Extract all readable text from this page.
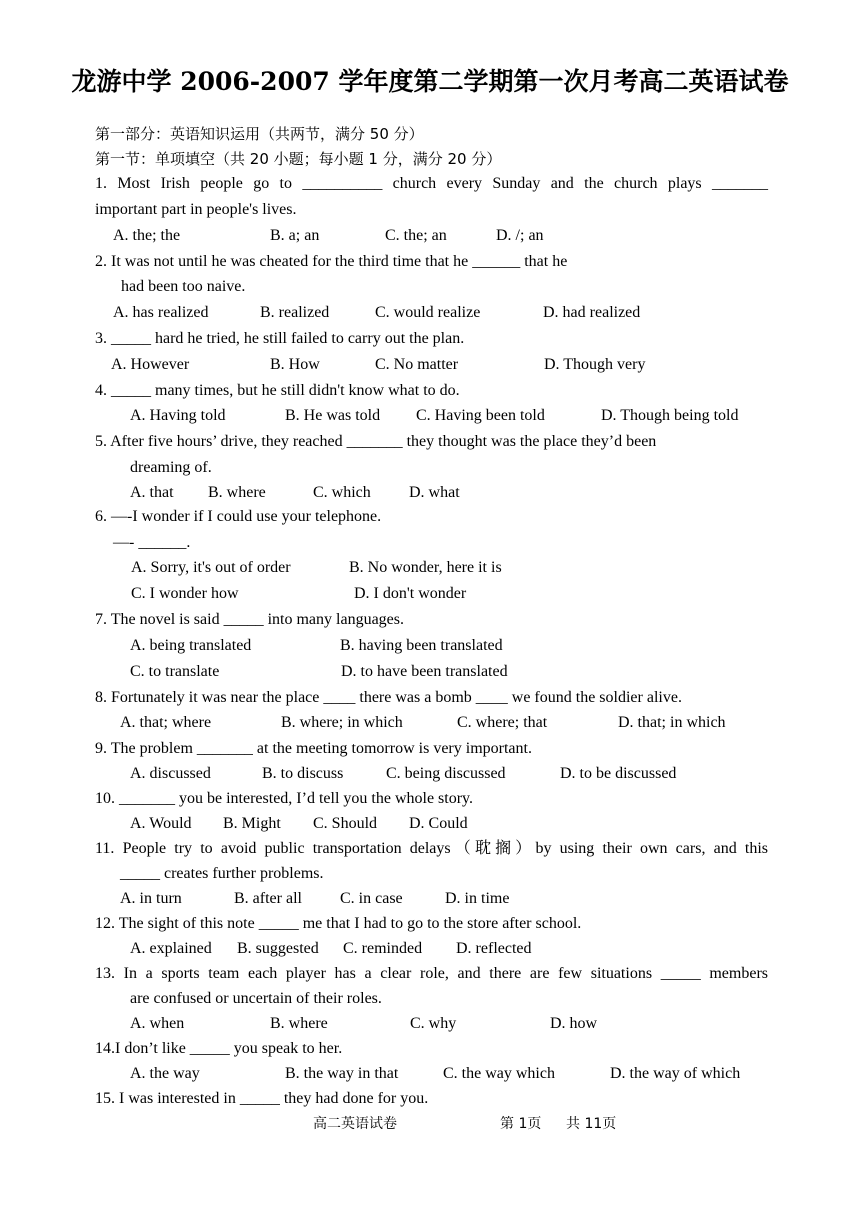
龙游中学 2006-2007 学年度第二学期第一次月考高二英语试卷
第一部分：英语知识运用（共两节，满分 50 分）
第一节：单项填空（共 20 小题；每小题 1 分，满分 20 分）
1. Most Irish people go to __________ church every Sunday and the church plays _______
important part in people's lives.
A. the; the	B. a; an	C. the; an	D. /; an
2. It was not until he was cheated for the third time that he ______ that he
had been too naive.
A. has realized	B. realized	C. would realize	D. had realized
3. _____ hard he tried, he still failed to carry out the plan.
A. However	B. How	C. No matter	D. Though very
4. _____ many times, but he still didn't know what to do.
A. Having told	B. He was told C. Having been told	D. Though being told
5. After five hours’ drive, they reached _______ they thought was the place they’d been
dreaming of.
A. that B. where	C. which D. what
6. —-I wonder if I could use your telephone.
—- ______.
A. Sorry, it's out of order	B. No wonder, here it is
C. I wonder how	D. I don't wonder
7. The novel is said _____ into many languages.
A. being translated	B. having been translated
C. to translate	D. to have been translated
8. Fortunately it was near the place ____ there was a bomb ____ we found the soldier alive.
A. that; where	B. where; in which	C. where; that	D. that; in which
9. The problem _______ at the meeting tomorrow is very important.
A. discussed	B. to discuss	C. being discussed	D. to be discussed
10. _______ you be interested, I’d tell you the whole story.
A. Would B. Might C. Should D. Could
11. People try to avoid public transportation delays（耽搁）by using their own cars, and this
_____ creates further problems.
A. in turn	B. after all C. in case	D. in time
12. The sight of this note _____ me that I had to go to the store after school.
A. explained B. suggested C. reminded D. reflected
13. In a sports team each player has a clear role, and there are few situations _____ members
are confused or uncertain of their roles.
A. when	B. where	C. why	D. how
14.I don’t like _____ you speak to her.
A. the way	B. the way in that	C. the way which	D. the way of which
15. I was interested in _____ they had done for you.
高二英语试卷	第 1页 共 11页
